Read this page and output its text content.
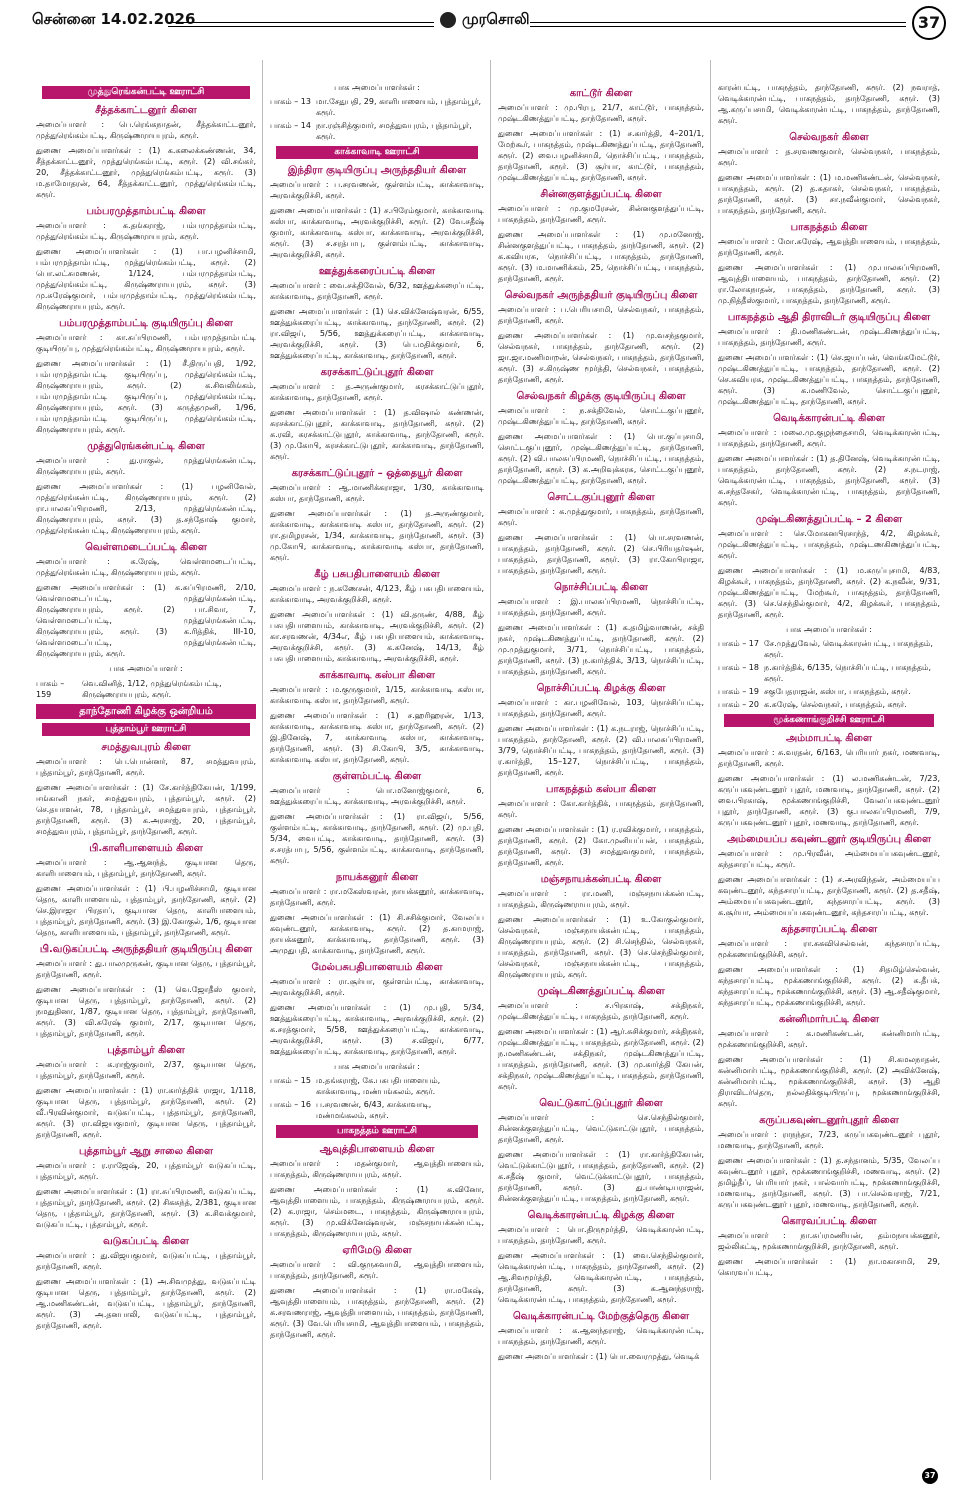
சென்னை 14.02.2026	முரசொலி	37
முத்துரெங்கன்பட்டி ஊராட்சி
சீத்தக்காட்டனூர் கிளை

அமைப்பாளர் : பெ.ரெங்கநாதன், சீத்தக்காட்டனூர், முத்துரெங்கம்பட்டி, கிருஷ்ணராயபுரம், கரூர்.

துணை அமைப்பாளர்கள் : (1) க.கலைக்கண்ணன், 34, சீத்தக்காட்டனூர், முத்துரெங்கம்பட்டி, கரூர். (2) வி.சங்கர், 20, சீத்தக்காட்டனூர், முத்துரெங்கம்பட்டி, கரூர். (3) ம.தாமோதரன், 64, சீத்தக்காட்டனூர், முத்துரெங்கம்பட்டி, கரூர்.

பம்பரமுத்தாம்பட்டி கிளை

அமைப்பாளர் : க.தங்கராஜ், பம்பரமுத்தாம்பட்டி, முத்துரெங்கம்பட்டி, கிருஷ்ணராயபுரம், கரூர்.

துணை அமைப்பாளர்கள் : (1) பா.பழனிச்சாமி, பம்பரமுத்தாம்பட்டி, முத்துரெங்கம்பட்டி, கரூர். (2) பொ.லட்சுமணன், 1/124, பம்பரமுத்தாம்பட்டி, முத்துரெங்கம்பட்டி, கிருஷ்ணராயபுரம், கரூர். (3) மு.சுரேஷ்குமார், பம்பரமுத்தாம்பட்டி, முத்துரெங்கம்பட்டி, கிருஷ்ணராயபுரம், கரூர்.

பம்பரமுத்தாம்பட்டி குடியிருப்பு கிளை

அமைப்பாளர் : கா.சுப்பிரமணி, பம்பரமுத்தாம்பட்டி குடியிருப்பு, முத்துரெங்கம்பட்டி, கிருஷ்ணராயபுரம், கரூர்.

துணை அமைப்பாளர்கள் : (1) சீ.திருப்பதி, 1/92, பம்பரமுத்தாம்பட்டி குடியிருப்பு, முத்துரெங்கம்பட்டி, கிருஷ்ணராயபுரம், கரூர். (2) க.சிவலிங்கம், பம்பரமுத்தாம்பட்டி குடியிருப்பு, முத்துரெங்கம்பட்டி, கிருஷ்ணராயபுரம், கரூர். (3) கருத்தமுனி, 1/96, பம்பரமுத்தாம்பட்டி குடியிருப்பு, முத்துரெங்கம்பட்டி, கிருஷ்ணராயபுரம், கரூர்.

முத்துரெங்கன்பட்டி கிளை

அமைப்பாளர் : து.ராகுல், முத்துரெங்கன்பட்டி, கிருஷ்ணராயபுரம், கரூர்.

துணை அமைப்பாளர்கள் : (1) பழனிவேல், முத்துரெங்கன்பட்டி, கிருஷ்ணராயபுரம், கரூர். (2) ரா.பாலசுப்பிரமணி, 2/13, முத்துரெங்கன்பட்டி, கிருஷ்ணராயபுரம், கரூர். (3) த.சந்தோஷ் குமார், முத்துரெங்கன்பட்டி, கிருஷ்ணராயபுரம், கரூர்.

வெள்ளமடைப்பட்டி கிளை

அமைப்பாளர் : க.ரேஷ், வெள்ளமடைப்பட்டி, முத்துரெங்கன்பட்டி, கிருஷ்ணராயபுரம், கரூர்.

துணை அமைப்பாளர்கள் : (1) க.சுப்பிரமணி, 2/10, வெள்ளமடைப்பட்டி, முத்துரெங்கன்பட்டி, கிருஷ்ணராயபுரம், கரூர். (2) பா.சிவா, 7, வெள்ளமடைப்பட்டி, முத்துரெங்கன்பட்டி, கிருஷ்ணராயபுரம், கரூர். (3) க.ரித்திக், III-10, வெள்ளமடைப்பட்டி, முத்துரெங்கன்பட்டி, கிருஷ்ணராயபுரம், கரூர்.

பாக அமைப்பாளர் :
பாகம் – 159
வெ.வினித், 1/12, முத்துரெங்கம்பட்டி, கிருஷ்ணராயபுரம், கரூர்.
தாந்தோணி கிழக்கு ஒன்றியம்
புத்தாம்பூர் ஊராட்சி
சமத்துவபுரம் கிளை

அமைப்பாளர் : பெ.பொன்னர், 87, சமத்துவபுரம், புத்தாம்பூர், தாந்தோணி, கரூர்.

துணை அமைப்பாளர்கள் : (1) சே.கார்த்திகேயன், 1/199, ஈங்கானி நகர், சமத்துவபுரம், புத்தாம்பூர், கரூர். (2) செ.தயாளன், 78, புத்தாம்பூர், சமத்துவபுரம், புத்தாம்பூர், தாந்தோணி, கரூர். (3) க.அரசாஜ், 20, புத்தாம்பூர், சமத்துவபுரம், புத்தாம்பூர், தாந்தோணி, கரூர்.

பி.காளிபாளையம் கிளை

அமைப்பாளர் : ஆ.ஆனந்த், குடியான தெரு, காளிபாளையம், புத்தாம்பூர், தாந்தோணி, கரூர்.

துணை அமைப்பாளர்கள் : (1) பி.பழனிச்சாமி, குடியான தெரு, காளிபாளையம், புத்தாம்பூர், தாந்தோணி, கரூர். (2) செ.இராஜா பிரதாப், குடியான தெரு, காளிபாளையம், புத்தாம்பூர், தாந்தோணி, கரூர். (3) இ.கோகுல், 1/6, குடியான தெரு, காளிபாளையம், புத்தாம்பூர், தாந்தோணி, கரூர்.

பி.வடுகப்பட்டி அருந்ததியர் குடியிருப்பு கிளை

அமைப்பாளர் : து.பாலமுருகன், குடியான தெரு, புத்தாம்பூர், தாந்தோணி, கரூர்.

துணை அமைப்பாளர்கள் : (1) வெ.ஜோதீஸ் குமார், குடியான தெரு, புத்தாம்பூர், தாந்தோணி, கரூர். (2) நமதுதினா, 1/87, குடியான தெரு, புத்தாம்பூர், தாந்தோணி, கரூர். (3) வி.சுரேஷ் குமார், 2/17, குடியான தெரு, புத்தாம்பூர், தாந்தோணி, கரூர்.

புத்தாம்பூர் கிளை

அமைப்பாளர் : க.ராஜ்குமார், 2/37, குடியான தெரு, புத்தாம்பூர், தாந்தோணி, கரூர்.

துணை அமைப்பாளர்கள் : (1) ரா.கார்த்திக் ராஜா, 1/118, குடியான தெரு, புத்தாம்பூர், தாந்தோணி, கரூர். (2) வீ.பிரவின்குமார், வடுகப்பட்டி, புத்தாம்பூர், தாந்தோணி, கரூர். (3) ரா.விஜயகுமார், குடியான தெரு, புத்தாம்பூர், தாந்தோணி, கரூர்.

புத்தாம்பூர் ஆறு சாலை கிளை

அமைப்பாளர் : ர.ராஜேஷ், 20, புத்தாம்பூர் வடுகப்பட்டி, புத்தாம்பூர், கரூர்.

துணை அமைப்பாளர்கள் : (1) ரா.சுப்பிரமணி, வடுகப்பட்டி, புத்தாம்பூர், தாந்தோணி, கரூர். (2) சிகசுந்த், 2/381, குடியான தெரு, புத்தாம்பூர், தாந்தோணி, கரூர். (3) க.சிவக்குமார், வடுகப்பட்டி, புத்தாம்பூர், கரூர்.

வடுகப்பட்டி கிளை

அமைப்பாளர் : து.விஜயகுமார், வடுகப்பட்டி, புத்தாம்பூர், தாந்தோணி, கரூர்.

துணை அமைப்பாளர்கள் : (1) அ.சிவமுத்து, வடுகப்பட்டி குடியான தெரு, புத்தாம்பூர், தாந்தோணி, கரூர். (2) ஆ.மணிகண்டன், வடுகப்பட்டி, புத்தாம்பூர், தாந்தோணி, கரூர். (3) அ.தனபாலி, வடுகப்பட்டி, புத்தாம்பூர், தாந்தோணி, கரூர்.

பாக அமைப்பாளர்கள் :
பாகம் – 13 மா.சேதுபதி, 29, காளிபாளையம், புத்தாம்பூர், கரூர்.
பாகம் – 14 நா.ரஞ்சித்குமார், சமத்துவபுரம், புத்தாம்பூர், கரூர்.
காக்காவாடி ஊராட்சி
இந்திரா குடியிருப்பு அருந்ததியர் கிளை

அமைப்பாளர் : ப.சரவணன், குள்ளம்பட்டி, காக்காவாடி, அரவக்குறிச்சி, கரூர்.

துணை அமைப்பாளர்கள் : (1) ச.பிரேம்குமார், காக்காவாடி கஸ்பா, காக்காவாடி, அரவக்குறிச்சி, கரூர். (2) வே.சதீஷ் குமார், காக்காவாடி கஸ்பா, காக்காவாடி, அரவக்குறிச்சி, கரூர். (3) ச.சரத்பாபு, குள்ளம்பட்டி, காக்காவாடி, அரவக்குறிச்சி, கரூர்.

ஊத்துக்கரைப்பட்டி கிளை

அமைப்பாளர் : வை.சக்திவேல், 6/32, ஊத்துக்கரைப்பட்டி, காக்காவாடி, தாந்தோணி, கரூர்.

துணை அமைப்பாளர்கள் : (1) செ.விக்னேஷ்வரன், 6/55, ஊத்துக்கரைப்பட்டி, காக்காவாடி, தாந்தோணி, கரூர். (2) ரா.விஜய், 5/56, ஊத்துக்கரைப்பட்டி, காக்காவாடி, அரவக்குறிச்சி, கரூர். (3) பெ.மதிக்குமார், 6, ஊத்துக்கரைப்பட்டி, காக்காவாடி, தாந்தோணி, கரூர்.

கரசக்காட்டுப்புதூர் கிளை

அமைப்பாளர் : த.அருண்குமார், கரசக்காட்டுப்புதூர், காக்காவாடி, தாந்தோணி, கரூர்.

துணை அமைப்பாளர்கள் : (1) த.விஷால் கண்ணன், கரசக்காட்டுபுதூர், காக்காவாடி, தாந்தோணி, கரூர். (2) க.ரவி, கரசக்காட்டுபுதூர், காக்காவாடி, தாந்தோணி, கரூர். (3) மு.கோபி, கரசக்காட்டுபுதூர், காக்காவாடி, தாந்தோணி, கரூர்.

கரசக்காட்டுப்புதூர் – ஒத்தையூர் கிளை

அமைப்பாளர் : ஆ.மாணிக்கராஜா, 1/30, காக்காவாடி கஸ்பா, தாந்தோணி, கரூர்.

துணை அமைப்பாளர்கள் : (1) த.அருண்குமார், காக்காவாடி, காக்காவாடி கஸ்பா, தாந்தோணி, கரூர். (2) ரா.தமிழரசன், 1/34, காக்காவாடி, தாந்தோணி, கரூர். (3) மு.கோபி, காக்காவாடி, காக்காவாடி கஸ்பா, தாந்தோணி, கரூர்.

கீழ் பசுபதிபாளையம் கிளை

அமைப்பாளர் : ந.கணேசன், 4/123, கீழ் பசுபதிபாளையம், காக்காவாடி, அரவக்குறிச்சி, கரூர்.

துணை அமைப்பாளர்கள் : (1) வி.தருண், 4/88, கீழ் பசுபதிபாளையம், காக்காவாடி, அரவக்குறிச்சி, கரூர். (2) கா.சரவணன், 4/34எ, கீழ் பசுபதிபாளையம், காக்காவாடி, அரவக்குறிச்சி, கரூர். (3) க.கனேஷ், 14/13, கீழ் பசுபதிபாளையம், காக்காவாடி, அரவக்குறிச்சி, கரூர்.

காக்காவாடி கஸ்பா கிளை

அமைப்பாளர் : ம.குருகுமார், 1/15, காக்காவாடி கஸ்பா, காக்காவாடி கஸ்பா, தாந்தோணி, கரூர்.

துணை அமைப்பாளர்கள் : (1) ச.ஹரிஹரன், 1/13, காக்காவாடி, காக்காவாடி கஸ்பா, தாந்தோணி, கரூர். (2) இ.தினேஷ், 7, காக்காவாடி கஸ்பா, காக்காவாடி, தாந்தோணி, கரூர். (3) சி.கோபி, 3/5, காக்காவாடி, காக்காவாடி கஸ்பா, தாந்தோணி, கரூர்.

குள்ளம்பட்டி கிளை

அமைப்பாளர் : பொ.மனோஜ்குமார், 6, ஊத்துக்கரைப்பட்டி, காக்காவாடி, அரவக்குறிச்சி, கரூர்.

துணை அமைப்பாளர்கள் : (1) ரா.விஜய், 5/56, குள்ளம்பட்டி, காக்காவாடி, தாந்தோணி, கரூர். (2) மு.புதி, 5/34, வைபட்டி, காக்காவாடி, தாந்தோணி, கரூர். (3) ச.சரத்பாபு, 5/56, குள்ளம்பட்டி, காக்காவாடி, தாந்தோணி, கரூர்.

நாயக்கனூர் கிளை

அமைப்பாளர் : ரா.மகேஸ்வரன், நாயக்கனூர், காக்காவாடி, தாந்தோணி, கரூர்.

துணை அமைப்பாளர்கள் : (1) சி.சசிக்குமார், வேலப்ப கவுண்டனூர், காக்காவாடி, கரூர். (2) த.காமராஜ், நாயக்கனூர், காக்காவாடி, தாந்தோணி, கரூர். (3) அமுதுபதி, காக்காவாடி, தாந்தோணி, கரூர்.

மேல்பசுபதிபாளையம் கிளை

அமைப்பாளர் : ரா.சூர்யா, குள்ளம்பட்டி, காக்காவாடி, அரவக்குறிச்சி, கரூர்.

துணை அமைப்பாளர்கள் : (1) மு.புதி, 5/34, ஊத்துக்கரைப்பட்டி, காக்காவாடி, அரவக்குறிச்சி, கரூர். (2) க.சரத்குமார், 5/58, ஊத்துக்கரைப்பட்டி, காக்காவாடி, அரவக்குறிச்சி, கரூர். (3) ச.விஜய், 6/77, ஊத்துக்கரைப்பட்டி, காக்காவாடி, தாந்தோணி, கரூர்.

பாக அமைப்பாளர்கள் :
பாகம் – 15 ம.தங்கராஜ், கே.பசுபதிபாளையம், காக்காவாடி, மண்பங்கலம், கரூர்.
பாகம் – 16 ப.சரவணன், 6/43, காக்காவாடி, மண்மங்கலம், கரூர்.
பாகநத்தம் ஊராட்சி
ஆவுத்திபாளையம் கிளை

அமைப்பாளர் : மதன்குமார், ஆவுத்திபாளையம், பாகநத்தம், கிருஷ்ணராயபுரம், கரூர்.

துணை அமைப்பாளர்கள் : (1) க.வினோ, ஆவுத்திபாளையம், பாகநத்தம், கிருஷ்ணராயபுரம், கரூர். (2) க.ராஜா, செம்மடை, பாகநத்தம், கிருஷ்ணராயபுரம், கரூர். (3) மு.விக்னேஷ்வரன், மஞ்சநாயக்கன்பட்டி, பாகநத்தம், கிருஷ்ணராயபுரம், கரூர்.

ஏரிமேடு கிளை

அமைப்பாளர் : வி.குருசுவாமி, ஆவுத்திபாளையம், பாகநத்தம், தாந்தோணி, கரூர்.

துணை அமைப்பாளர்கள் : (1) ரா.மகேஷ், ஆவுத்திபாளையம், பாகநத்தம், தாந்தோணி, கரூர். (2) க.சரவணராஜ், ஆவுத்திபாளையம், பாகநத்தம், தாந்தோணி, கரூர். (3) வே.பெரியசாமி, ஆவுத்திபாளையம், பாகநத்தம், தாந்தோணி, கரூர்.

காட்டூர் கிளை

அமைப்பாளர் : மு.பிரபு, 21/7, காட்டூர், பாகநத்தம், முஷ்டகிணத்துப்பட்டி, தாந்தோணி, கரூர்.

துணை அமைப்பாளர்கள் : (1) ச.கார்த்தி, 4–201/1, மேற்கூர், பாகநத்தம், முஷ்டகிணத்துப்பட்டி, தாந்தோணி, கரூர். (2) வை.பழனிச்சாமி, நொச்சிப்பட்டி, பாகநத்தம், தாந்தோணி, கரூர். (3) சூர்யா, காட்டூர், பாகநத்தம், முஷ்டகிணத்துப்பட்டி, தாந்தோணி, கரூர்.

சின்னகுளத்துப்பட்டி கிளை

அமைப்பாளர் : மு.குமரேசன், சின்னகுளத்துப்பட்டி, பாகநத்தம், தாந்தோணி, கரூர்.

துணை அமைப்பாளர்கள் : (1) மு.மனோஜ், சின்னகுளத்துப்பட்டி, பாகநத்தம், தாந்தோணி, கரூர். (2) க.கவியரசு, நொச்சிப்பட்டி, பாகநத்தம், தாந்தோணி, கரூர். (3) ம.மாணிக்கம், 25, நொச்சிப்பட்டி, பாகநத்தம், தாந்தோணி, கரூர்.

செல்வநகர் அருந்ததியர் குடியிருப்பு கிளை

அமைப்பாளர் : ப.பெரியசாமி, செல்வநகர், பாகநத்தம், தாந்தோணி, கரூர்.

துணை அமைப்பாளர்கள் : (1) மு.வசந்தகுமார், செல்வநகர், பாகநத்தம், தாந்தோணி, கரூர். (2) ஜா.ஜா.மணிமாறன், செல்வநகர், பாகநத்தம், தாந்தோணி, கரூர். (3) ச.கிருஷ்ண மூர்த்தி, செல்வநகர், பாகநத்தம், தாந்தோணி, கரூர்.

செல்வநகர் கிழக்கு குடியிருப்பு கிளை

அமைப்பாளர் : ந.சக்திவேல், சொட்டகுப்புனூர், முஷ்டகிணத்துப்பட்டி, தாந்தோணி, கரூர்.

துணை அமைப்பாளர்கள் : (1) பொ.குப்புசாமி, சொட்டகுப்புனூர், முஷ்டகிணத்துப்பட்டி, தாந்தோணி, கரூர். (2) வி.பாலசுப்பிரமணி, நொச்சிப்பட்டி, பாகநத்தம், தாந்தோணி, கரூர். (3) க.அறிவுக்கரசு, சொட்டகுப்புனூர், முஷ்டகிணத்துப்பட்டி, தாந்தோணி, கரூர்.

சொட்டகுப்புனூர் கிளை

அமைப்பாளர் : க.முத்துகுமார், பாகநத்தம், தாந்தோணி, கரூர்.

துணை அமைப்பாளர்கள் : (1) பொ.சரவணன், பாகநத்தம், தாந்தோணி, கரூர். (2) செ.பிரியதர்ஷன், பாகநத்தம், தாந்தோணி, கரூர். (3) ரா.கோபிராஜா, பாகநத்தம், தாந்தோணி, கரூர்.

நொச்சிப்பட்டி கிளை

அமைப்பாளர் : இ.பாலசுப்பிரமணி, நொச்சிப்பட்டி, பாகநத்தம், தாந்தோணி, கரூர்.

துணை அமைப்பாளர்கள் : (1) க.தமிழ்வாணன், சக்தி நகர், முஷ்டகிணத்துப்பட்டி, தாந்தோணி, கரூர். (2) மு.முத்துகுமார், 3/71, நொச்சிப்பட்டி, பாகநத்தம், தாந்தோணி, கரூர். (3) ந.கார்த்திக், 3/13, நொச்சிப்பட்டி, பாகநத்தம், தாந்தோணி, கரூர்.

நொச்சிப்பட்டி கிழக்கு கிளை

அமைப்பாளர் : கா.பழனிவேல், 103, நொச்சிப்பட்டி, பாகநத்தம், தாந்தோணி, கரூர்.

துணை அமைப்பாளர்கள் : (1) க.நடராஜ், நொச்சிப்பட்டி, பாகநத்தம், தாந்தோணி, கரூர். (2) வி.பாலசுப்பிரமணி, 3/79, நொச்சிப்பட்டி, பாகநத்தம், தாந்தோணி, கரூர். (3) ர.கார்த்தி, 15–127, நொச்சிப்பட்டி, பாகநத்தம், தாந்தோணி, கரூர்.

பாகநத்தம் கஸ்பா கிளை

அமைப்பாளர் : கோ.கார்த்திக், பாகநத்தம், தாந்தோணி, கரூர்.

துணை அமைப்பாளர்கள் : (1) ர.ரவிக்குமார், பாகநத்தம், தாந்தோணி, கரூர். (2) கோ.முனியப்பன், பாகநத்தம், தாந்தோணி, கரூர். (3) சமத்துவகுமார், பாகநத்தம், தாந்தோணி, கரூர்.

மஞ்சநாயக்கன்பட்டி கிளை

அமைப்பாளர் : ரா.மணி, மஞ்சநாயக்கன்பட்டி, பாகநத்தம், கிருஷ்ணராயபுரம், கரூர்.

துணை அமைப்பாளர்கள் : (1) உ.கோகுல்குமார், செல்வநகர், மஞ்சநாயக்கன்பட்டி, பாகநத்தம், கிருஷ்ணராயபுரம், கரூர். (2) சி.செந்தில், செல்வநகர், பாகநத்தம், தாந்தோணி, கரூர். (3) செ.செந்தில்குமார், செல்வநகர், மஞ்சநாயக்கன்பட்டி, பாகநத்தம், கிருஷ்ணராயபுரம், கரூர்.

முஷ்டகிணத்துப்பட்டி கிளை

அமைப்பாளர் : ச.பிரகாஷ், சக்திநகர், முஷ்டகிணத்துப்பட்டி, பாகநத்தம், தாந்தோணி, கரூர்.

துணை அமைப்பாளர்கள் : (1) ஆர்.சுசிக்குமார், சக்திநகர், முஷ்டகிணத்துப்பட்டி, பாகநத்தம், தாந்தோணி, கரூர். (2) ந.மணிகண்டன், சக்திநகர், முஷ்டகிணத்துப்பட்டி, பாகநத்தம், தாந்தோணி, கரூர். (3) மு.கார்த்தி கேயன், சக்திநகர், முஷ்டகிணத்துப்பட்டி, பாகநத்தம், தாந்தோணி, கரூர்.

வெட்டுகாட்டுப்புதூர் கிளை

அமைப்பாளர் : செ.செந்தில்குமார், சின்னக்குளத்துப்பட்டி, வெட்டுகாட்டுபுதூர், பாகநத்தம், தாந்தோணி, கரூர்.

துணை அமைப்பாளர்கள் : (1) ரா.கார்த்திகேயன், வெட்டுக்காட்டுபுதூர், பாகநத்தம், தாந்தோணி, கரூர். (2) க.சதீஷ் குமார், வெட்டுக்காட்டுபுதூர், பாகநத்தம், தாந்தோணி, கரூர். (3) து.பாண்டியராஜன், சின்னக்குளத்துப்பட்டி, பாகநத்தம், தாந்தோணி, கரூர்.

வெடிக்காரன்பட்டி கிழக்கு கிளை

அமைப்பாளர் : பொ.திருமூர்த்தி, வெடிக்காரன்பட்டி, பாகநத்தம், தாந்தோணி, கரூர்.

துணை அமைப்பாளர்கள் : (1) வை.செந்தில்குமார், வெடிக்காரன்பட்டி, பாகநத்தம், தாந்தோணி, கரூர். (2) ஆ.சிவமூர்த்தி, வெடிக்காரன்பட்டி, பாகநத்தம், தாந்தோணி, கரூர். (3) க.ஆனந்தராஜ், வெடிக்காரன்பட்டி, பாகநத்தம், தாந்தோணி, கரூர்.

வெடிக்காரன்பட்டி மேற்குத்தெரு கிளை

அமைப்பாளர் : க.ஆனந்தராஜ், வெடிக்காரன்பட்டி, பாகநத்தம், தாந்தோணி, கரூர்.

துணை அமைப்பாளர்கள் : (1) பொ.வைரமுத்து, வெடிக்

காரன்பட்டி, பாகநத்தம், தாந்தோணி, கரூர். (2) நவராத், வெடிக்காரன்பட்டி, பாகநத்தம், தாந்தோணி, கரூர். (3) ஆ.கருப்பசாமி, வெடிக்காரன்பட்டி, பாகநத்தம், தாந்தோணி, கரூர்.

செல்வநகர் கிளை

அமைப்பாளர் : த.சரவணகுமார், செல்வநகர், பாகநத்தம், கரூர்.

துணை அமைப்பாளர்கள் : (1) ம.மணிகண்டன், செல்வநகர், பாகநத்தம், கரூர். (2) த.சுதாகர், செல்வநகர், பாகநத்தம், தாந்தோணி, கரூர். (3) சா.நவீன்குமார், செல்வநகர், பாகநத்தம், தாந்தோணி, கரூர்.

பாகநத்தம் கிளை

அமைப்பாளர் : மோ.சுரேஷ், ஆவுத்திபாளையம், பாகநத்தம், தாந்தோணி, கரூர்.

துணை அமைப்பாளர்கள் : (1) மு.பாலசுப்பிரமணி, ஆவுத்திபாளையம், பாகநத்தம், தாந்தோணி, கரூர். (2) ரா.லோகநாதன், பாகநத்தம், தாந்தோணி, கரூர். (3) மு.நித்தீஸ்குமார், பாகநத்தம், தாந்தோணி, கரூர்.

பாகநத்தம் ஆதி திராவிடர் குடியிருப்பு கிளை

அமைப்பாளர் : தி.மணிகண்டன், முஷ்டகிணத்துப்பட்டி, பாகநத்தம், தாந்தோணி, கரூர்.

துணை அமைப்பாளர்கள் : (1) செ.ஜயப்பன், வெங்கமேட்டூர், முஷ்டகிணத்துப்பட்டி, பாகநத்தம், தாந்தோணி, கரூர். (2) செ.கவியரசு, முஷ்டகிணத்துப்பட்டி, பாகநத்தம், தாந்தோணி, கரூர். (3) க.மணிவேல், சொட்டகுப்புனூர், முஷ்டகிணத்துப்பட்டி, தாந்தோணி, கரூர்.

வெடிக்காரன்பட்டி கிளை

அமைப்பாளர் : மலை.மு.குழந்தைசாமி, வெடிக்காரன்பட்டி, பாகநத்தம், தாந்தோணி, கரூர்.

துணை அமைப்பாளர்கள் : (1) த.தினேஷ், வெடிக்காரன்பட்டி, பாகநத்தம், தாந்தோணி, கரூர். (2) ச.நடராஜ், வெடிக்காரன்பட்டி, பாகநத்தம், தாந்தோணி, கரூர். (3) க.சந்தசேகர், வெடிக்காரன்பட்டி, பாகநத்தம், தாந்தோணி, கரூர்.

முஷ்டகிணத்துப்பட்டி – 2 கிளை

அமைப்பாளர் : செ.மோகனபிரசாந்த், 4/2, கிழக்கூர், முஷ்டகிணத்துப்பட்டி, பாகநத்தம், முஷ்டணகிணத்துப்பட்டி, கரூர்.

துணை அமைப்பாளர்கள் : (1) ம.கருப்புசாமி, 4/83, கிழக்கூர், பாகநத்தம், தாந்தோணி, கரூர். (2) க.நவீன், 9/31, முஷ்டகிணத்துப்பட்டி, மேற்கூர், பாகநத்தம், தாந்தோணி, கரூர். (3) செ.செந்தில்குமார், 4/2, கிழக்கூர், பாகநத்தம், தாந்தோணி, கரூர்.

பாக அமைப்பாளர்கள் :
பாகம் – 17 சே.முத்துவேல், வெடிக்காரன்பட்டி, பாகநத்தம், கரூர்.
பாகம் – 18 ந.கார்த்திக், 6/135, நொச்சிப்பட்டி, பாகநத்தம், கரூர்.
பாகம் – 19 சகுபேதராஜன், கஸ்பா, பாகநத்தம், கரூர்.
பாகம் – 20 க.சுரேஷ், செல்வநகர், பாகநத்தம், கரூர்.
மூக்கணாங்குறிச்சி ஊராட்சி
அம்மாபட்டி கிளை

அமைப்பாளர் : சு.வரதன், 6/163, பெரியார் நகர், மணவாடி, தாந்தோணி, கரூர்.

துணை அமைப்பாளர்கள் : (1) ல.மணிகண்டன், 7/23, கருப்பகவுண்டனூர் புதூர், மணவாடி, தாந்தோணி, கரூர். (2) வை.பிரகாஷ், மூக்கணாங்குறிச்சி, வேலப்பகவுண்டனூர் புதூர், தாந்தோணி, கரூர். (3) கு.பாலசுப்பிரமணி, 7/9, கருப்பகவுண்டனூர் புதூர், மணவாடி, தாந்தோணி, கரூர்.

அம்மையப்ப கவுண்டனூர் குடியிருப்பு கிளை

அமைப்பாளர் : மு.பிரவீன், அம்மையப்பகவுண்டனூர், கந்தசாரப்பட்டி, கரூர்.

துணை அமைப்பாளர்கள் : (1) ச.அரவிந்தன், அம்மையப்ப கவுண்டனூர், கந்தசாரப்பட்டி, தாந்தோணி, கரூர். (2) த.சதீஷ், அம்மையப்பகவுண்டனூர், கந்தசாரப்பட்டி, கரூர். (3) க.சூர்யா, அம்மையப்பகவுண்டனூர், கந்தசாரப்பட்டி, கரூர்.

கந்தசாரப்பட்டி கிளை

அமைப்பாளர் : ரா.சுகவிசெல்வன், கந்தசாரப்பட்டி, மூக்கணாங்குறிச்சி, கரூர்.

துணை அமைப்பாளர்கள் : (1) சிதமிழ்செல்வன், கந்தசாரப்பட்டி, மூக்கணாங்குறிச்சி, கரூர். (2) க.தீபக், கந்தசாரப்பட்டி, மூக்கணாங்குறிச்சி, கரூர். (3) ஆ.சதீஷ்குமார், கந்தசாரப்பட்டி, மூக்கணாங்குறிச்சி, கரூர்.

கன்னிமார்பட்டி கிளை

அமைப்பாளர் : க.மணிகண்டன், கன்னிமார்பட்டி, மூக்கணாங்குறிச்சி, கரூர்.

துணை அமைப்பாளர்கள் : (1) சி.கமலநாதன், கன்னிமார்பட்டி, மூக்கணாங்குறிச்சி, கரூர். (2) அவிக்னேஷ், கன்னிமார்பட்டி, மூக்கணாங்குறிச்சி, கரூர். (3) ஆதி திராவிடர்தெரு, நல்லதிக்குடியிருப்பு, மூக்கணாங்குறிச்சி, கரூர்.

கருப்பகவுண்டனூர்புதூர் கிளை

அமைப்பாளர் : ராநந்தா, 7/23, கருப்பகவுண்டனூர் புதூர், மணவாடி, தாந்தோணி, கரூர்.

துணை அமைப்பாளர்கள் : (1) த.சந்தானம், 5/35, வேலப்ப கவுண்டனூர் புதூர், மூக்கணாங்குறிச்சி, மணவாடி, கரூர். (2) தமிழ்தீப், பெரியார் நகர், பால்வார்பட்டி, மூக்கணாங்குறிச்சி, மணவாடி, தாந்தோணி, கரூர். (3) பா.செல்வராஜ், 7/21, கருப்பகவுண்டனூர் புதூர், மணவாடி, தாந்தோணி, கரூர்.

கொரவப்பட்டி கிளை

அமைப்பாளர் : நா.சுப்ரமணியன், தம்மநாயக்கனூர், ஜல்லிகட்டி, மூக்கணாங்குறிச்சி, தாந்தோணி, கரூர்.

துணை அமைப்பாளர்கள் : (1) நா.மகாசாமி, 29, கொரவப்பட்டி,

37
